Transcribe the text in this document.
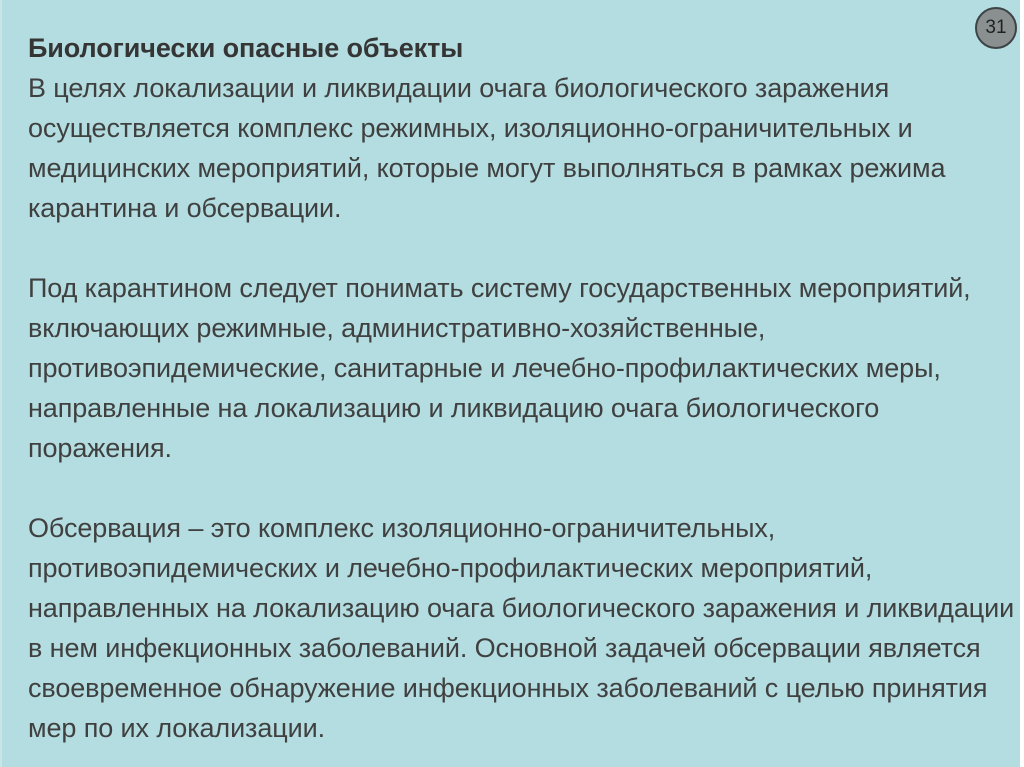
31

Биологически опасные объекты

В целях локализации и ликвидации очага биологического заражения осуществляется комплекс режимных, изоляционно-ограничительных и медицинских мероприятий, которые могут выполняться в рамках режима карантина и обсервации.

Под карантином следует понимать систему государственных мероприятий, включающих режимные, административно-хозяйственные, противоэпидемические, санитарные и лечебно-профилактических меры, направленные на локализацию и ликвидацию очага биологического поражения.

Обсервация – это комплекс изоляционно-ограничительных, противоэпидемических и лечебно-профилактических мероприятий, направленных на локализацию очага биологического заражения и ликвидации в нем инфекционных заболеваний. Основной задачей обсервации является своевременное обнаружение инфекционных заболеваний с целью принятия мер по их локализации.
